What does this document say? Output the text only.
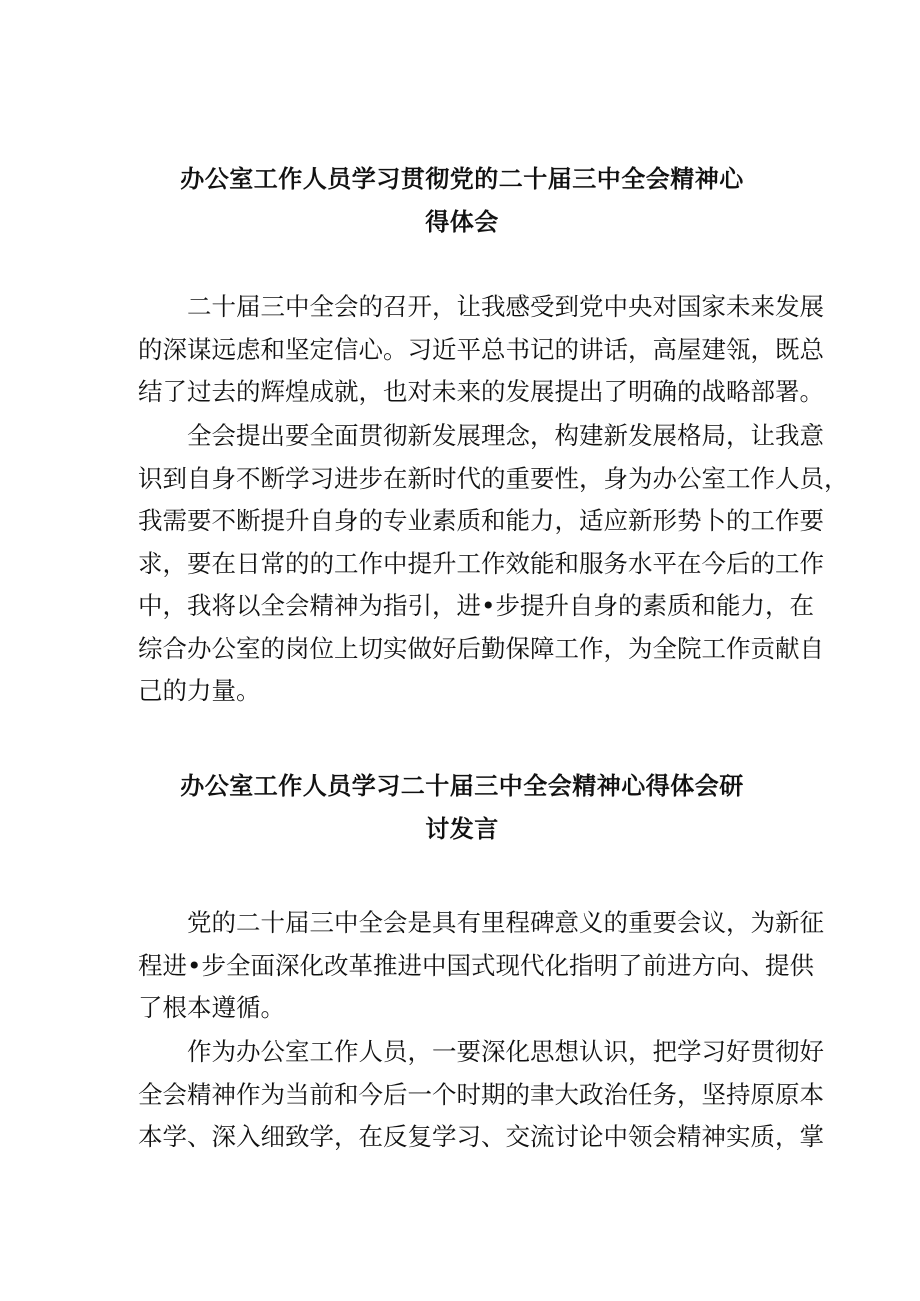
办公室工作人员学习贯彻党的二十届三中全会精神心
得体会
二十届三中全会的召开，让我感受到党中央对国家未来发展
的深谋远虑和坚定信心。习近平总书记的讲话，高屋建瓴，既总
结了过去的辉煌成就，也对未来的发展提出了明确的战略部署。
全会提出要全面贯彻新发展理念，构建新发展格局，让我意
识到自身不断学习进步在新时代的重要性，身为办公室工作人员，
我需要不断提升自身的专业素质和能力，适应新形势卜的工作要
求，要在日常的的工作中提升工作效能和服务水平在今后的工作
中，我将以全会精神为指引，进•步提升自身的素质和能力，在
综合办公室的岗位上切实做好后勤保障工作，为全院工作贡献自
己的力量。
办公室工作人员学习二十届三中全会精神心得体会研
讨发言
党的二十届三中全会是具有里程碑意义的重要会议，为新征
程进•步全面深化改革推进中国式现代化指明了前进方向、提供
了根本遵循。
作为办公室工作人员，一要深化思想认识，把学习好贯彻好
全会精神作为当前和今后一个时期的聿大政治任务，坚持原原本
本学、深入细致学，在反复学习、交流讨论中领会精神实质，掌
